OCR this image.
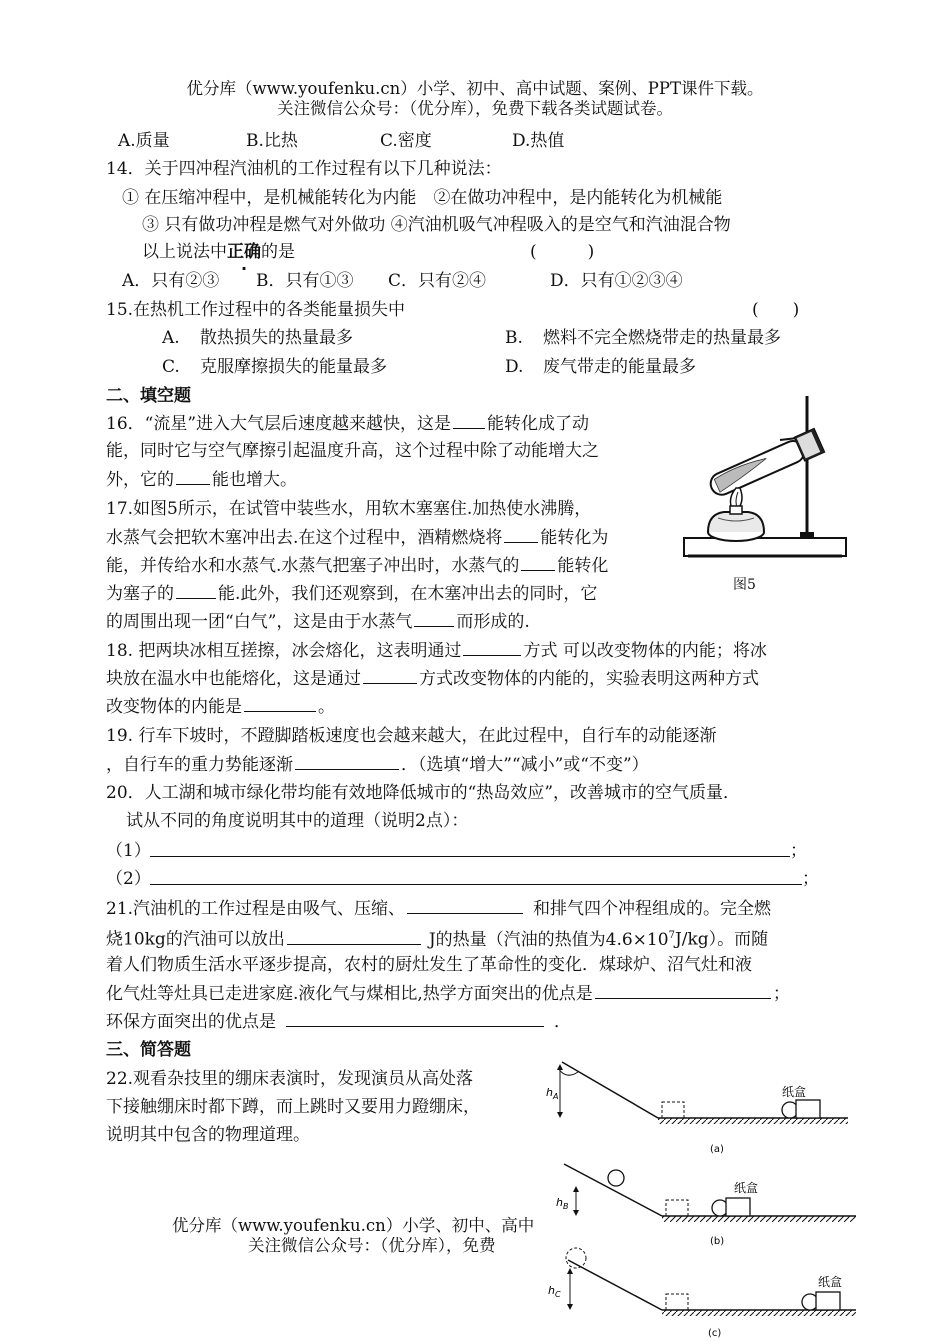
优分库（www.youfenku.cn）小学、初中、高中试题、案例、PPT课件下载。
关注微信公众号：（优分库），免费下载各类试题试卷。
A.质量	B.比热	C.密度	D.热值
14．关于四冲程汽油机的工作过程有以下几种说法：
① 在压缩冲程中，是机械能转化为内能　②在做功冲程中，是内能转化为机械能
③ 只有做功冲程是燃气对外做功 ④汽油机吸气冲程吸入的是空气和汽油混合物
以上说法中正确的是	(　　　)
A．只有②③ B．只有①③ C．只有②④	D．只有①②③④
15.在热机工作过程中的各类能量损失中	(　　)
A. 散热损失的热量最多	B. 燃料不完全燃烧带走的热量最多
C. 克服摩擦损失的能量最多	D. 废气带走的能量最多
二、填空题
16．“流星”进入大气层后速度越来越快，这是 能转化成了动
能，同时它与空气摩擦引起温度升高，这个过程中除了动能增大之
外，它的 能也增大。
17.如图5所示，在试管中装些水，用软木塞塞住.加热使水沸腾，
水蒸气会把软木塞冲出去.在这个过程中，酒精燃烧将 能转化为
能，并传给水和水蒸气.水蒸气把塞子冲出时，水蒸气的 能转化
为塞子的	能.此外，我们还观察到，在木塞冲出去的同时，它
的周围出现一团“白气”，这是由于水蒸气	而形成的.
图5
18. 把两块冰相互搓擦，冰会熔化，这表明通过	方式 可以改变物体的内能；将冰
块放在温水中也能熔化，这是通过	方式改变物体的内能的，实验表明这两种方式
改变物体的内能是	。
19. 行车下坡时，不蹬脚踏板速度也会越来越大，在此过程中，自行车的动能逐渐
，自行车的重力势能逐渐	．（选填“增大”“减小”或“不变”）
20．人工湖和城市绿化带均能有效地降低城市的“热岛效应”，改善城市的空气质量．
试从不同的角度说明其中的道理（说明2点）：
（1）	；
（2）	；
21.汽油机的工作过程是由吸气、压缩、	和排气四个冲程组成的。完全燃
烧10kg的汽油可以放出	J的热量（汽油的热值为$4.6\times 10^7J/kg$）。而随
着人们物质生活水平逐步提高，农村的厨灶发生了革命性的变化．煤球炉、沼气灶和液
化气灶等灶具已走进家庭.液化气与煤相比,热学方面突出的优点是	；
环保方面突出的优点是	．
三、简答题
22.观看杂技里的绷床表演时，发现演员从高处落
下接触绷床时都下蹲，而上跳时又要用力蹬绷床，
说明其中包含的物理道理。
$h_A$	纸盒
(a)
$h_B$
纸盒
(b)
$h_C$
纸盒
(c)
优分库（www.youfenku.cn）小学、初中、高中
关注微信公众号：（优分库），免费
